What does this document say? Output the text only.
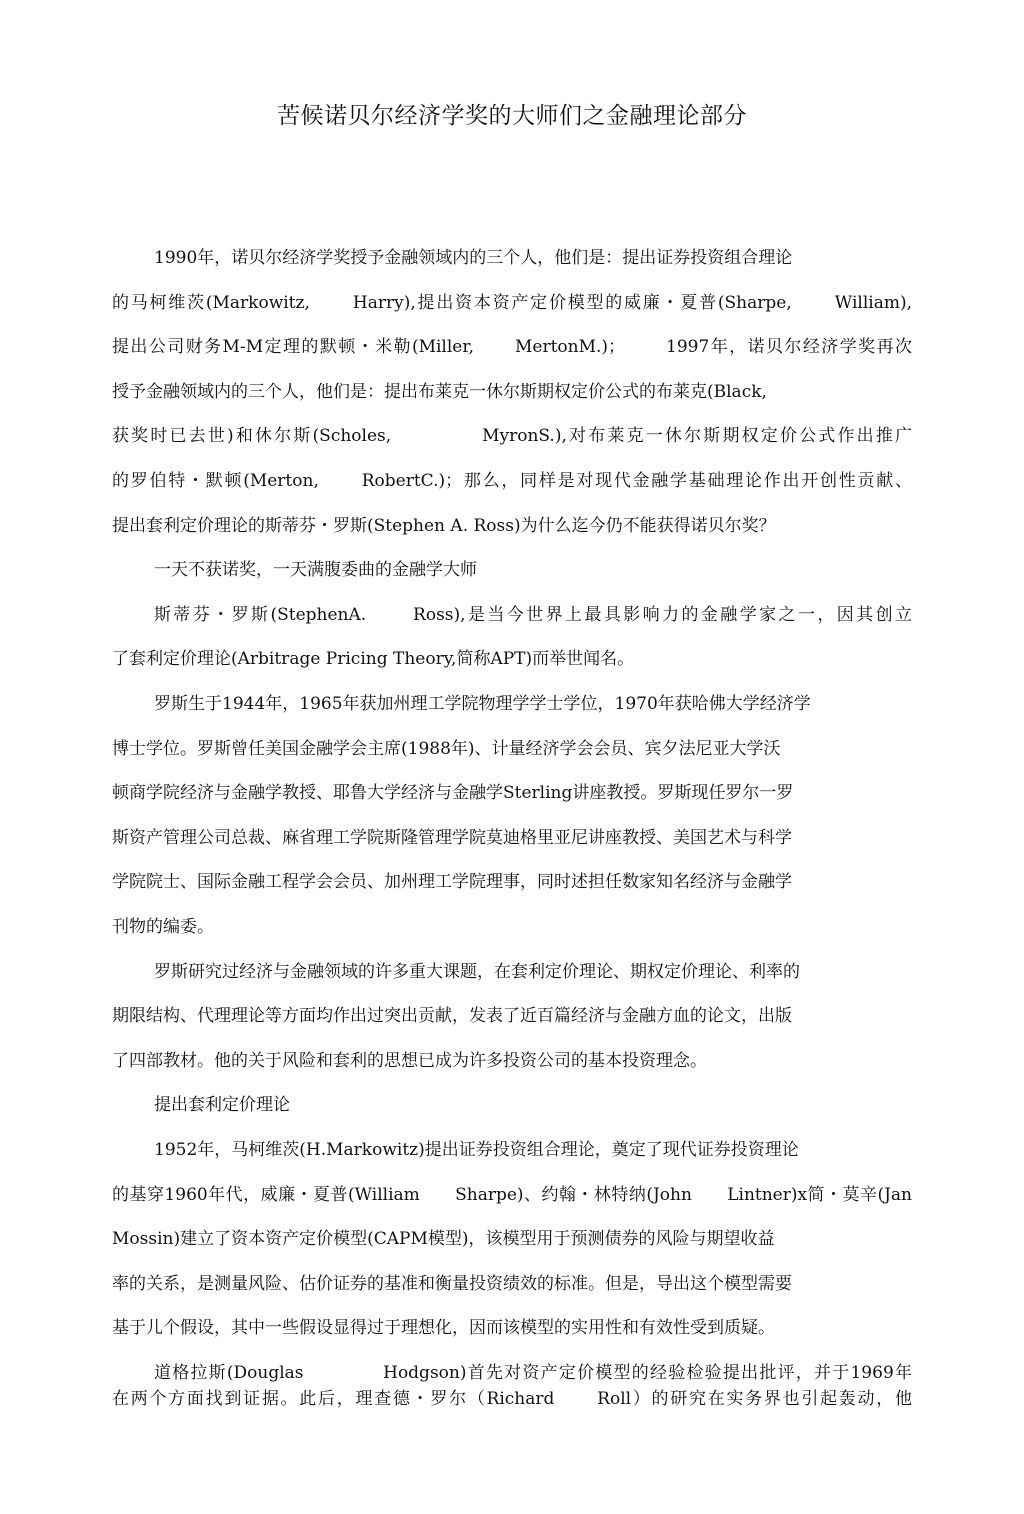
苦候诺贝尔经济学奖的大师们之金融理论部分
1990年，诺贝尔经济学奖授予金融领域内的三个人，他们是：提出证券投资组合理论
的马柯维茨(Markowitz,      Harry),提出资本资产定价模型的威廉・夏普(Sharpe,      William),
提出公司财务M-M定理的默顿・米勒(Miller,      MertonM.)；      1997年，诺贝尔经济学奖再次
授予金融领域内的三个人，他们是：提出布莱克一休尔斯期权定价公式的布莱克(Black,
获奖时已去世)和休尔斯(Scholes,            MyronS.),对布莱克一休尔斯期权定价公式作出推广
的罗伯特・默顿(Merton,      RobertC.)；那么，同样是对现代金融学基础理论作出开创性贡献、
提出套利定价理论的斯蒂芬・罗斯(Stephen A. Ross)为什么迄今仍不能获得诺贝尔奖？
一天不获诺奖，一天满腹委曲的金融学大师
斯蒂芬・罗斯(StephenA.      Ross),是当今世界上最具影响力的金融学家之一，因其创立
了套利定价理论(Arbitrage Pricing Theory,简称APT)而举世闻名。
罗斯生于1944年，1965年获加州理工学院物理学学士学位，1970年获哈佛大学经济学
博士学位。罗斯曾任美国金融学会主席(1988年)、计量经济学会会员、宾夕法尼亚大学沃
顿商学院经济与金融学教授、耶鲁大学经济与金融学Sterling讲座教授。罗斯现任罗尔一罗
斯资产管理公司总裁、麻省理工学院斯隆管理学院莫迪格里亚尼讲座教授、美国艺术与科学
学院院士、国际金融工程学会会员、加州理工学院理事，同时述担任数家知名经济与金融学
刊物的编委。
罗斯研究过经济与金融领域的许多重大课题，在套利定价理论、期权定价理论、利率的
期限结构、代理理论等方面均作出过突出贡献，发表了近百篇经济与金融方血的论文，出版
了四部教材。他的关于风险和套利的思想已成为许多投资公司的基本投资理念。
提出套利定价理论
1952年，马柯维茨(H.Markowitz)提出证券投资组合理论，奠定了现代证券投资理论
的基穿1960年代，威廉・夏普(William      Sharpe)、约翰・林特纳(John      Lintner)x简・莫辛(Jan
Mossin)建立了资本资产定价模型(CAPM模型)，该模型用于预测债券的风险与期望收益
率的关系，是测量风险、估价证券的基准和衡量投资绩效的标准。但是，导出这个模型需要
基于儿个假设，其中一些假设显得过于理想化，因而该模型的实用性和有效性受到质疑。
道格拉斯(Douglas            Hodgson)首先对资产定价模型的经验检验提出批评，并于1969年
在两个方面找到证据。此后，理查德・罗尔（Richard      Roll）的研究在实务界也引起轰动，他
